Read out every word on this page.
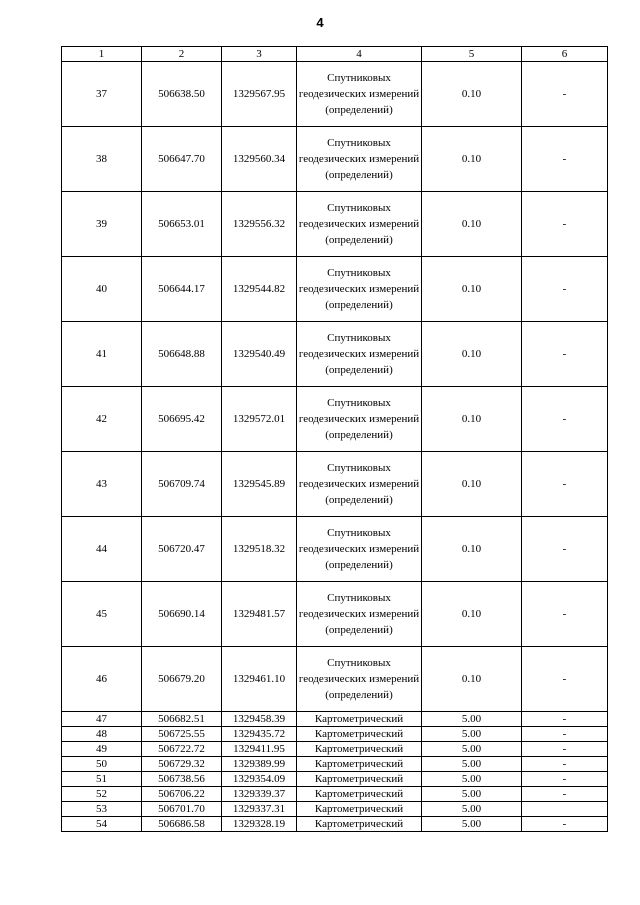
4
1	2	3	4	5	6
37	506638.50	1329567.95	Спутниковых геодезических измерений (определений)	0.10	-
38	506647.70	1329560.34	Спутниковых геодезических измерений (определений)	0.10	-
39	506653.01	1329556.32	Спутниковых геодезических измерений (определений)	0.10	-
40	506644.17	1329544.82	Спутниковых геодезических измерений (определений)	0.10	-
41	506648.88	1329540.49	Спутниковых геодезических измерений (определений)	0.10	-
42	506695.42	1329572.01	Спутниковых геодезических измерений (определений)	0.10	-
43	506709.74	1329545.89	Спутниковых геодезических измерений (определений)	0.10	-
44	506720.47	1329518.32	Спутниковых геодезических измерений (определений)	0.10	-
45	506690.14	1329481.57	Спутниковых геодезических измерений (определений)	0.10	-
46	506679.20	1329461.10	Спутниковых геодезических измерений (определений)	0.10	-
47	506682.51	1329458.39	Картометрический	5.00	-
48	506725.55	1329435.72	Картометрический	5.00	-
49	506722.72	1329411.95	Картометрический	5.00	-
50	506729.32	1329389.99	Картометрический	5.00	-
51	506738.56	1329354.09	Картометрический	5.00	-
52	506706.22	1329339.37	Картометрический	5.00	-
53	506701.70	1329337.31	Картометрический	5.00	
54	506686.58	1329328.19	Картометрический	5.00	-
